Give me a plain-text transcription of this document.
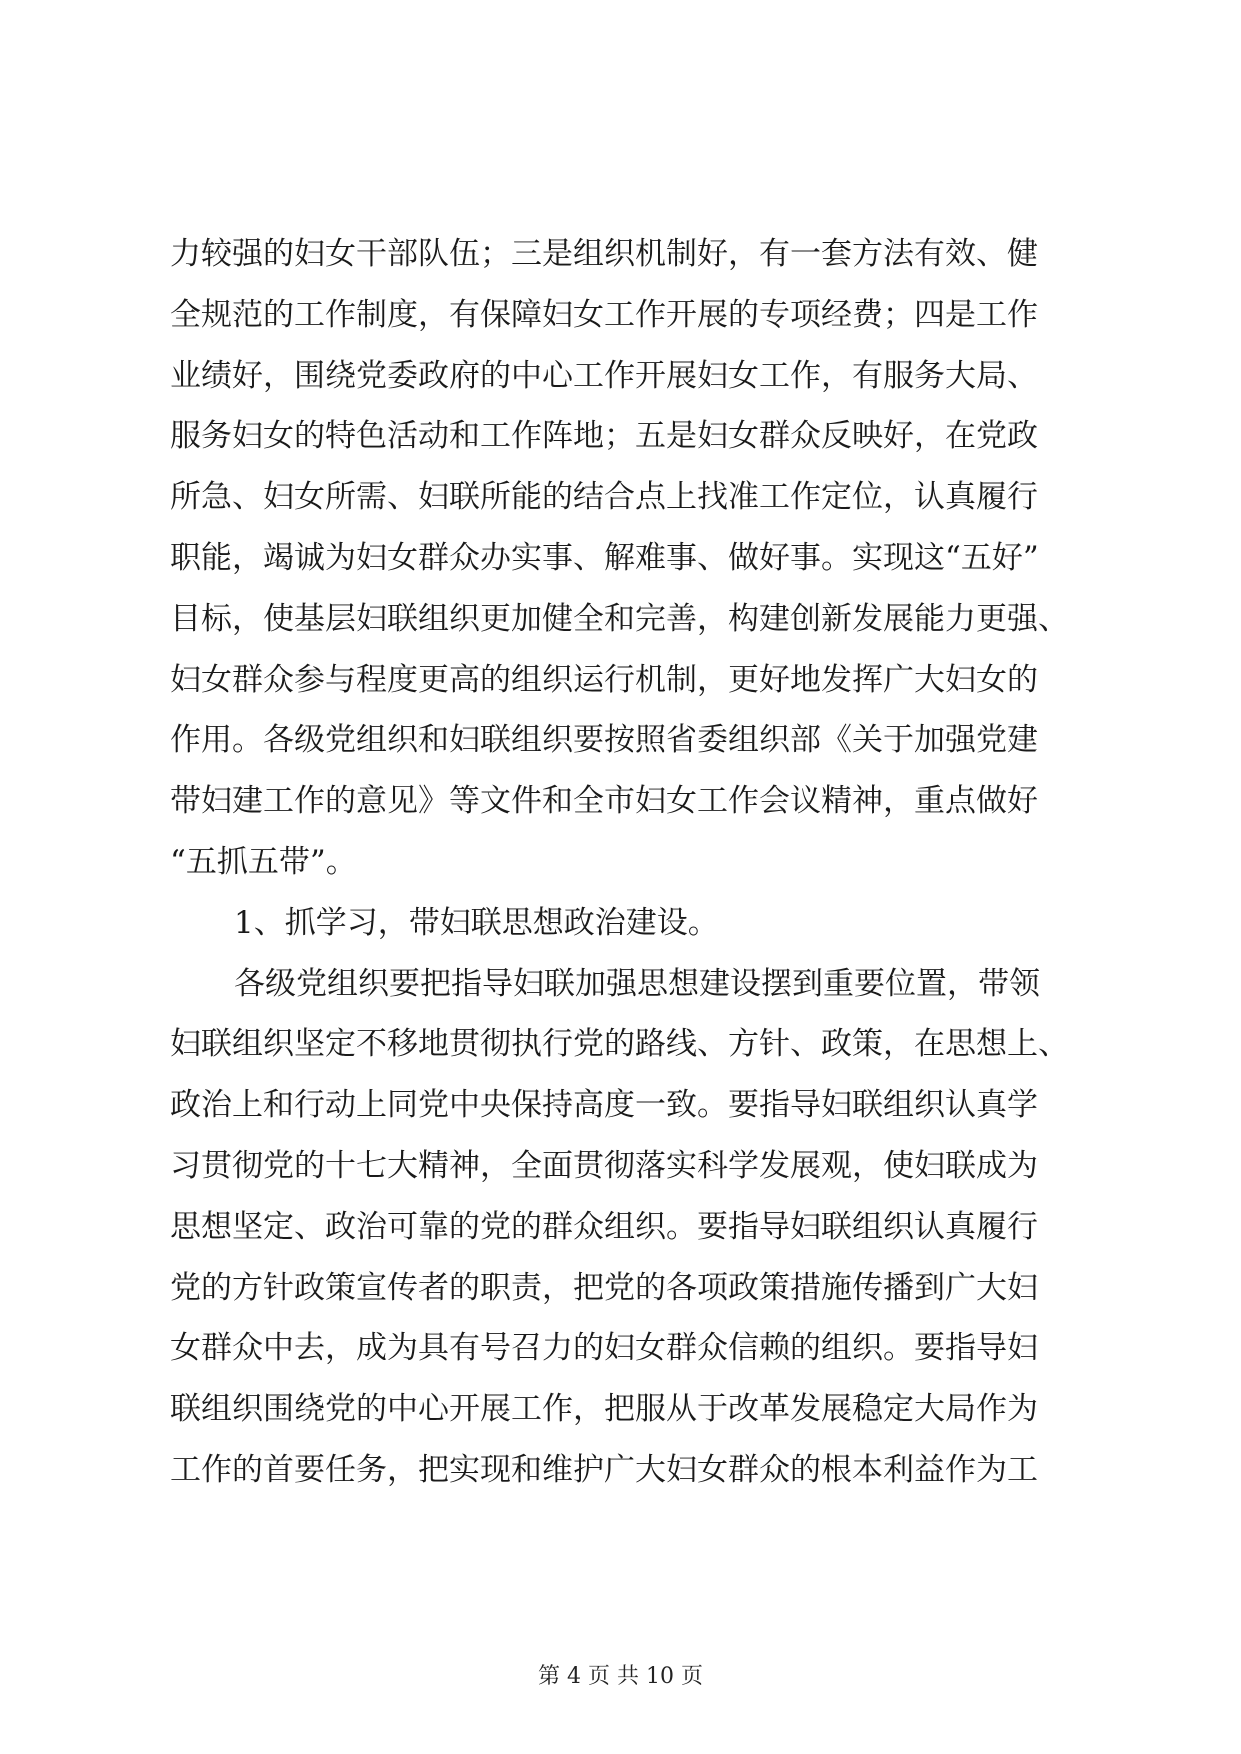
力较强的妇女干部队伍；三是组织机制好，有一套方法有效、健
全规范的工作制度，有保障妇女工作开展的专项经费；四是工作
业绩好，围绕党委政府的中心工作开展妇女工作，有服务大局、
服务妇女的特色活动和工作阵地；五是妇女群众反映好，在党政
所急、妇女所需、妇联所能的结合点上找准工作定位，认真履行
职能，竭诚为妇女群众办实事、解难事、做好事。实现这“五好”
目标，使基层妇联组织更加健全和完善，构建创新发展能力更强、
妇女群众参与程度更高的组织运行机制，更好地发挥广大妇女的
作用。各级党组织和妇联组织要按照省委组织部《关于加强党建
带妇建工作的意见》等文件和全市妇女工作会议精神，重点做好
“五抓五带”。
1、抓学习，带妇联思想政治建设。
各级党组织要把指导妇联加强思想建设摆到重要位置，带领
妇联组织坚定不移地贯彻执行党的路线、方针、政策，在思想上、
政治上和行动上同党中央保持高度一致。要指导妇联组织认真学
习贯彻党的十七大精神，全面贯彻落实科学发展观，使妇联成为
思想坚定、政治可靠的党的群众组织。要指导妇联组织认真履行
党的方针政策宣传者的职责，把党的各项政策措施传播到广大妇
女群众中去，成为具有号召力的妇女群众信赖的组织。要指导妇
联组织围绕党的中心开展工作，把服从于改革发展稳定大局作为
工作的首要任务，把实现和维护广大妇女群众的根本利益作为工
第 4 页 共 10 页
